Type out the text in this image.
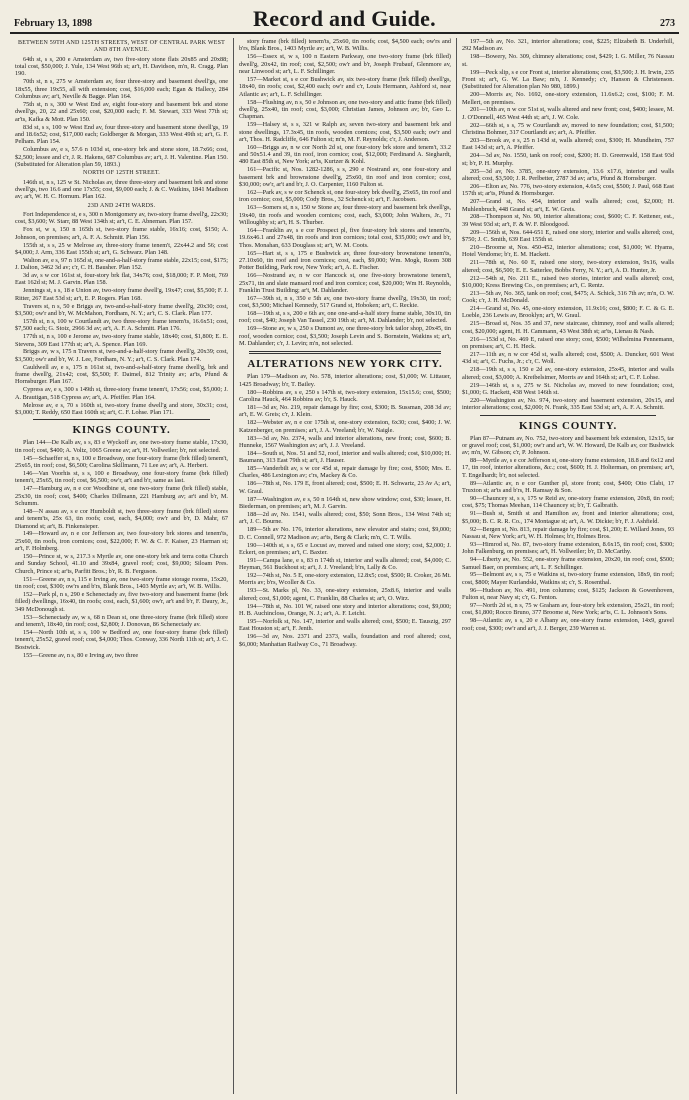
February 13, 1898	Record and Guide.	273

BETWEEN 59TH AND 125TH STREETS, WEST OF CENTRAL PARK WEST AND 8TH AVENUE.

64th st, s s, 200 e Amsterdam av, two five-story stone flats 20x85 and 20x88; total cost, $50,000; J. Yule, 134 West 96th st; ar't, H. Davidson, m'n, R. Cragg. Plan 190.

70th st, n s, 275 w Amsterdam av, four three-story and basement dwell'gs, one 18x55, three 19x55, all with extension; cost, $16,000 each; Egan & Hallecy, 284 Columbus av; ar't, Neville & Bagge. Plan 164.

75th st, n s, 300 w West End av, eight four-story and basement brk and stone dwell'gs, 20, 22 and 25x60; cost, $20,000 each; F. M. Stewart, 333 West 77th st; ar'ts, Kafka & Mott. Plan 150.

83d st, s s, 100 w West End av, four three-story and basement stone dwell'gs, 19 and 18.6x52; cost, $17,000 each; Goldberger & Morgan, 333 West 49th st; ar't, G. F. Pelham. Plan 154.

Columbus av, e s, 57.6 n 103d st, one-story brk and stone store, 18.7x66; cost, $2,500; lessee and c'r, J. R. Hakens, 687 Columbus av; ar't, J. H. Valentine. Plan 150. (Substituted for Alteration plan 59, 1893.)

NORTH OF 125TH STREET.

146th st, n s, 125 w St. Nicholas av, three three-story and basement brk and stone dwell'gs, two 16.6 and one 17x55; cost, $9,000 each; J. & C. Watkins, 1841 Madison av; ar't, W. H. C. Hornum. Plan 162.

23D AND 24TH WARDS.

Fort Independence st, e s, 300 n Montgomery av, two-story frame dwell'g, 22x30; cost, $3,600; W. Starr, 88 West 134th st; ar't, C. E. Abneman. Plan 157.

Fox st, w s, 150 n 165th st, two-story frame stable, 16x16; cost, $150; A. Johnson, on premises; ar't, A. F. A. Schmitt. Plan 156.

155th st, s s, 25 w Melrose av, three-story frame tenem't, 22x44.2 and 56; cost $4,000; J. Arm, 336 East 155th st; ar't, G. Schwarz. Plan 148.

Walton av, e s, 97 n 165d st, one-and-a-half-story frame stable, 22x15; cost, $175; J. Dalton, 3462 3d av; c'r, C. H. Bausher. Plan 152.

3d av, s w cor 161st st, four-story brk flat, 34x76; cost, $18,000; F. P. Mott, 769 East 162d st; M. J. Garvin. Plan 158.

Jennings st, s s, 18 e Union av, two-story frame dwell'g, 19x47; cost, $5,500; F. J. Ritter, 267 East 53d st; ar't, E. P. Rogers. Plan 168.

Travers st, n s, 50 e Briggs av, two-and-a-half-story frame dwell'g, 20x30; cost, $3,500; ow'r and b'r, W. McMahon, Fordham, N. Y.; ar't, C. S. Clark. Plan 177.

157th st, n s, 100 w Courtlandt av, two three-story frame tenem'ts, 16.6x51; cost, $7,500 each; G. Stoiz, 2966 3d av; ar't, A. F. A. Schmitt. Plan 176.

177th st, n s, 100 e Jerome av, two-story frame stable, 18x40; cost, $1,800; E. E. Stevens, 309 East 177th st; ar't, A. Spence. Plan 169.

Briggs av, w s, 175 n Travers st, two-and-a-half-story frame dwell'g, 20x39; cost, $3,500; ow'r and b'r, W. J. Lee, Fordham, N. Y.; ar't, C. S. Clark. Plan 174.

Cauldwell av, e s, 175 n 161st st, two-and-a-half-story frame dwell'g, brk and frame dwell'g, 21x42; cost, $5,500; F. Daimel, 812 Trinity av; ar'ts, Pfund & Hornsburger. Plan 167.

Cypress av, e s, 300 s 149th st, three-story frame tenem't, 17x56; cost, $5,000; J. A. Brautigan, 518 Cypress av; ar't, A. Pfeiffer. Plan 164.

Melrose av, e s, 70 s 160th st, two-story frame dwell'g and store, 30x31; cost, $3,000; T. Reddy, 650 East 160th st; ar't, C. F. Lohse. Plan 171.

KINGS COUNTY.

Plan 144—De Kalb av, s s, 83 e Wyckoff av, one two-story frame stable, 17x30, tin roof; cost, $400; A. Voltz, 1065 Greene av; ar't, H. Vollweiler; b'r, not selected.

145—Schaeffer st, n s, 100 e Broadway, one four-story frame (brk filled) tenem't, 25x65, tin roof; cost, $6,500; Carolina Skillmann, 71 Lee av; ar't, A. Herbert.

146—Van Voorhis st, s s, 100 e Broadway, one four-story frame (brk filled) tenem't, 25x65, tin roof; cost, $6,500; ow'r, ar't and b'r, same as last.

147—Hamburg av, n e cor Woodbine st, one two-story frame (brk filled) stable, 25x30, tin roof; cost, $400; Charles Dillmann, 221 Hamburg av; ar't and b'r, M. Schumm.

148—N assau av, s e cor Humboldt st, two three-story frame (brk filled) stores and tenem'ts, 25x 63, tin roofs; cost, each, $4,000; ow'r and b'r, D. Mahr, 67 Diamond st; ar't, B. Finkensieper.

149—Howard av, n e cor Jefferson av, two four-story brk stores and tenem'ts, 25x60, tin roofs, iron cornices; cost, $22,000; F. W. & C. F. Kaiser, 23 Harman st; ar't, F. Holmberg.

150—Prince st, w s, 217.3 s Myrtle av, one one-story brk and terra cotta Church and Sunday School, 41.10 and 39x84, gravel roof; cost, $9,000; Siloam Pres. Church, Prince st; ar'ts, Parfitt Bros.; b'r, R. B. Ferguson.

151—Greene av, n s, 115 e Irving av, one two-story frame storage rooms, 15x20, tin roof; cost, $300; ow'rs and b'rs, Blank Bros., 1403 Myrtle av; ar't, W. B. Willis.

152—Park pl, n s, 290 e Schenectady av, five two-story and basement frame (brk filled) dwellings, 16x40, tin roofs; cost, each, $1,600; ow'r, ar't and b'r, F. Daury, Jr., 349 McDonough st.

153—Schenectady av, w s, 68 n Dean st, one three-story frame (brk filled) store and tenem't, 18x40, tin roof; cost, $2,800; J. Donovan, 86 Schenectady av.

154—North 10th st, s s, 100 w Bedford av, one four-story frame (brk filled) tenem't, 25x52, gravel roof; cost, $4,000; Thos. Conway, 336 North 11th st; ar't, J. C. Bostwick.

155—Greene av, n s, 80 e Irving av, two three

story frame (brk filled) tenem'ts, 25x60, tin roofs; cost, $4,500 each; ow'rs and b'rs, Blank Bros., 1403 Myrtle av; ar't, W. B. Willis.

156—Essex st, w s, 100 n Eastern Parkway, one two-story frame (brk filled) dwell'g, 20x42, tin roof; cost, $2,500; ow'r and b'r, Joseph Frubauf, Glenmore av, near Linwood st; ar't, L. F. Schillinger.

157—Market st, s e cor Bushwick av, six two-story frame (brk filled) dwell'gs, 18x40, tin roofs; cost, $2,400 each; ow'r and c'r, Louis Hermann, Ashford st, near Atlantic av; ar't, L. F. Schillinger.

158—Flushing av, n s, 50 e Johnson av, one two-story and attic frame (brk filled) dwell'g, 25x40, tin roof; cost, $3,000; Christian James, Johnson av; b'r, Geo L. Chapman.

159—Halsey st, s s, 321 w Ralph av, seven two-story and basement brk and stone dwellings, 17.3x45, tin roofs, wooden cornices; cost, $3,500 each; ow'r and ar't, Thos. H. Radcliffe, 646 Fulton st; m'n, M. F. Reynolds; c'r, J. Anderson.

160—Briggs av, n w cor North 2d st, one four-story brk store and tenem't, 33.2 and 50x51.4 and 39, tin roof, iron cornice; cost, $12,000; Ferdinand A. Sieghardt, 480 East 85th st, New York; ar'ts, Kurtzer & Kohl.

161—Pacific st, Nos. 1282-1286, s s, 290 e Nostrand av, one four-story and basement brk and brownstone dwell'g, 25x60, tin roof and iron cornice; cost, $30,000; ow'r, ar't and b'r, J. O. Carpenter, 1160 Fulton st.

162—Park av, s w cor Schenck st, one four-story brk dwell'g, 25x65, tin roof and iron cornice; cost, $5,000; Cody Bros., 32 Schenck st; ar't, F. Jacobsen.

163—Somers st, n s, 150 w Stone av, four three-story and basement brk dwell'gs, 19x40, tin roofs and wooden cornices; cost, each, $3,000; John Walters, Jr., 71 Willoughby st; ar't, H. S. Thurber.

164—Franklin av, s e cor Prospect pl, five four-story brk stores and tenem'ts, 19.6x46.1 and 27x48, tin roofs and iron cornices; total cost, $35,000; ow'r and b'r, Thos. Monahan, 633 Douglass st; ar't, W. M. Coots.

165—Hart st, s s, 175 e Bushwick av, three four-story brownstone tenem'ts, 27.10x60, tin roof and iron cornices; cost, each, $9,000; Wm. Mogk, Room 308 Potter Building, Park row, New York; ar't, A. E. Fischer.

166—Nostrand av, n w cor Hancock st, one five-story brownstone tenem't, 25x71, tin and slate mansard roof and iron cornice; cost, $20,000; Wm H. Reynolds, Franklin Trust Building; ar't, M. Dahlander.

167—39th st, n s, 350 e 5th av, one two-story frame dwell'g, 19x30, tin roof; cost, $3,500; Michael Kennedy, 517 Grand st, Hoboken; ar't, C. Reckie.

168—19th st, s s, 200 e 6th av, one one-and-a-half story frame stable, 30x10, tin roof; cost, $40; Joseph Van Tassel, 230 19th st; ar't, M. Dahlander; b'r, not selected.

169—Stone av, w s, 250 s Dumont av, one three-story brk tailor shop, 20x45, tin roof, wooden cornice; cost, $3,500; Joseph Levin and S. Bornstein, Watkins st; ar't, M. Dahlander; c'r, J. Levin; m'n, not selected.

ALTERATIONS NEW YORK CITY.

Plan 179—Madison av, No. 578, interior alterations; cost, $1,000; W. Littauer, 1425 Broadway; b'r, T. Bailey.

180—Robbins av, s e, 250 s 147th st, two-story extension, 15x15.6; cost, $500; Carolina Hauck, 464 Robbins av; b'r, S. Hauck.

181—3d av, No. 219, repair damage by fire; cost, $300; B. Sussman, 208 3d av; ar't, E. W. Greis; c'r, J. Klein.

182—Webster av, n e cor 175th st, one-story extension, 6x30; cost, $400; J. W. Katzenberger, on premises; ar't, J. A. Vreeland; b'r, W. Naigle.

183—3d av, No. 2374, walls and interior alterations, new front; cost, $600; B. Hunneke, 1567 Washington av; ar't, J. J. Vreeland.

184—South st, Nos. 51 and 52, roof, interior and walls altered; cost, $10,000; H. Baumann, 313 East 79th st; ar't, J. Hauser.

185—Vanderbilt av, s w cor 45d st, repair damage by fire; cost, $500; Mrs. E. Charles, 486 Lexington av; c'rs, Mackey & Co.

186—78th st, No. 179 E, front altered; cost, $500; E. H. Schwartz, 23 Av A; ar't, W. Graul.

187—Washington av, e s, 50 n 164th st, new show window; cost, $30; lessee, H. Biederman, on premises; ar't, M. J. Garvin.

188—2d av, No. 1541, walls altered; cost, $50; Sonn Bros., 134 West 74th st; ar't, J. C. Bourne.

189—5th av No. 176, interior alterations, new elevator and stairs; cost, $9,000; D. C. Connell, 972 Madison av; ar'ts, Berg & Clark; m'n, C. T. Wills.

190—140th st, s s, 65 e Locust av, moved and raised one story; cost, $2,000; J. Eckert, on premises; ar't, C. Baxter.

191—Campa lane, e s, 83 n 174th st, interior and walls altered; cost, $4,000; C. Heyman, 561 Buckhout st; ar't, J. J. Vreeland; b'rs, Lally & Co.

192—74th st, No. 5 E, one-story extension, 12.8x5; cost, $500; R. Croker, 26 Mt. Morris av; b'rs, Wcoller & Co.

193—St. Marks pl, No. 33, one-story extension, 25x8.6, interior and walls altered; cost, $1,000; agent, C. Franklin, 88 Charles st; ar't, O. Wirz.

194—78th st, No. 101 W, raised one story and interior alterations; cost, $9,000; H. B. Auchincloss, Orange, N. J.; ar't, A. F. Leicht.

195—Norfolk st, No. 147, interior and walls altered; cost, $500; E. Tauszig, 297 East Houston st; ar't, F. Jenth.

196—3d av, Nos. 2371 and 2373, walls, foundation and roof altered; cost, $6,000; Manhattan Railway Co., 71 Broadway.

197—5th av, No. 321, interior alterations; cost, $225; Elizabeth B. Underhill, 292 Madison av.

198—Bowery, No. 309, chimney alterations; cost, $429; I. G. Miller, 76 Nassau st.

199—Peck slip, s e cor Front st, interior alterations; cost, $3,500; J. H. Irwin, 235 Front st; ar't, G. W. La Baw; m'n, J. Kennedy; c'r, Hanson & Christenson. (Substituted for Alteration plan No 980, 1899.)

200—Morris av, No. 1692, one-story extension, 11.6x6.2; cost, $100; F. M. Mellert, on premises.

201—10th av, n w cor 51st st, walls altered and new front; cost, $400; lessee, M. J. O'Donnell, 465 West 44th st; ar't, J. W. Cole.

202—66th st, s s, 75 w Courtlandt av, moved to new foundation; cost, $1,500; Christina Bohmer, 317 Courtlandt av; ar't, A. Pfeiffer.

203—Brook av, e s, 25 n 143d st, walls altered; cost, $300; H. Mundheim, 757 East 143d st; ar't, A. Pfeiffer.

204—3d av, No. 1550, tank on roof; cost, $200; H. D. Greenwald, 158 East 93d st; b'r, P. H. Murphy.

205—3d av, No. 3785, one-story extension, 13.6 x17.6, interior and walls altered; cost, $3,500; J. R. Perlbetter, 2787 3d av; ar'ts, Pfund & Hornsburger.

206—Elton av, No. 776, two-story extension, 4.6x5; cost, $500; J. Paul, 668 East 157th st; ar'ts, Pfund & Hornsburger.

207—Grand st, No. 454, interior and walls altered; cost, $2,000; H. Muhlenbruch, 448 Grand st; ar't, E. W. Greis.

208—Thompson st, No. 90, interior alterations; cost, $600; C. F. Kettener, est., 39 West 93d st; ar't, F. & W. F. Bloodgood.

209—156th st, Nos. 644-651 E, raised one story, interior and walls altered; cost, $750; J. C. Smith, 639 East 155th st.

210—Broome st, Nos. 450-452, interior alterations; cost, $1,000; W. Hyams, Hotel Vendome; b'r, E. M. Hackett.

211—78th st, No. 60 E, raised one story, two-story extension, 9x16, walls altered; cost, $6,500; E. E. Satterlee, Bobbs Ferry, N. Y.; ar't, A. D. Hunter, Jr.

212—54th st, No. 211 E., raised two stories, interior and walls altered; cost, $10,000; Kress Brewing Co., on premises; ar't, C. Rentz.

213—5th av, No. 365, tank on roof; cost, $475; A. Schick, 316 7th av; m'n, O. W. Cook; c'r, J. H. McDonald.

214—Grand st, No. 45, one-story extension, 11.9x16; cost, $800; F. C. & G. E. Loeble, 236 Lewis av, Brooklyn; ar't, W. Graul.

215—Broad st, Nos. 35 and 37, new staircase, chimney, roof and walls altered; cost, $20,000; agent, H. H. Cammann, 43 West 38th st; ar'ts, Lienau & Nash.

216—153d st, No. 469 E, raised one story; cost, $500; Wilhelmina Pennemann, on premises; ar't, C. H. Heck.

217—11th av, n w cor 45d st, walls altered; cost, $500; A. Duncker, 601 West 43d st; ar't, C. Fuchs, Jr.; c'r, C. Woll.

218—19th st, s s, 150 e 2d av, one-story extension, 25x45, interior and walls altered; cost, $3,000; A. Kreibelsimer, Morris av and 164th st; ar't, C. F. Lohse.

219—146th st, s s, 275 w St. Nicholas av, moved to new foundation; cost, $1,000; G. Hackett, 438 West 146th st.

220—Washington av, No. 974, two-story and basement extension, 20x15, and interior alterations; cost, $2,000; N. Frank, 335 East 53d st; ar't, A. F. A. Schmitt.

KINGS COUNTY.

Plan 87—Putnam av, No. 752, two-story and basement brk extension, 12x15, tar or gravel roof; cost, $1,000; ow'r and ar't, W. W. Howard, De Kalb av, cor Bushwick av; m'n, W. Gibson; c'r, P. Johnson.

88—Myrtle av, s e cor Jefferson st, one-story frame extension, 18.8 and 6x12 and 17, tin roof, interior alterations, &c.; cost, $600; H. J. Holterman, on premises; ar't, T. Engelhardt; b'r, not selected.

89—Atlantic av, n e cor Gunther pl, store front; cost, $400; Otto Clabi, 17 Truxton st; ar'ts and b'rs, H. Ramsay & Son.

90—Chauncey st, s s, 175 w Reid av, one-story frame extension, 20x8, tin roof; cost, $75; Thomas Meehan, 114 Chauncey st; b'r, T. Galbraith.

91—Bush st, Smith st and Hamilton av, front and interior alterations; cost, $5,000; B. C. R. R. Co., 174 Montague st; ar't, A. W. Dickie; b'r, F. J. Ashfield.

92—Bergen st, No. 813, repair damage by fire; cost, $1,200; E. Willard Jones, 93 Nassau st, New York; ar't, W. H. Holmes; b'r, Holmes Bros.

93—Himrod st, No. 87, two-story frame extension, 8.6x15, tin roof; cost, $300; John Falkenburg, on premises; ar't, H. Vollweiler; b'r, D. McCarthy.

94—Liberty av, No. 552, one-story frame extension, 20x20, tin roof; cost, $500; Samuel Baer, on premises; ar't, L. F. Schillinger.

95—Belmont av, s s, 75 e Watkins st, two-story frame extension, 18x9, tin roof; cost, $800; Mayer Kurlandski, Watkins st; c'r, S. Rosenthal.

96—Hudson av, No. 491, iron columns; cost, $125; Jackson & Gowenhoven, Fulton st, near Navy st; c'r, G. Fenton.

97—North 2d st, n s, 75 w Graham av, four-story brk extension, 25x21, tin roof; cost, $1,800; Rocco Bruno, 377 Broome st, New York; ar'ts, C. L. Johnson's Sons.

98—Atlantic av, s s, 20 e Albany av, one-story frame extension, 14x9, gravel roof; cost, $300; ow'r and ar't, J. J. Berger, 239 Warren st.
